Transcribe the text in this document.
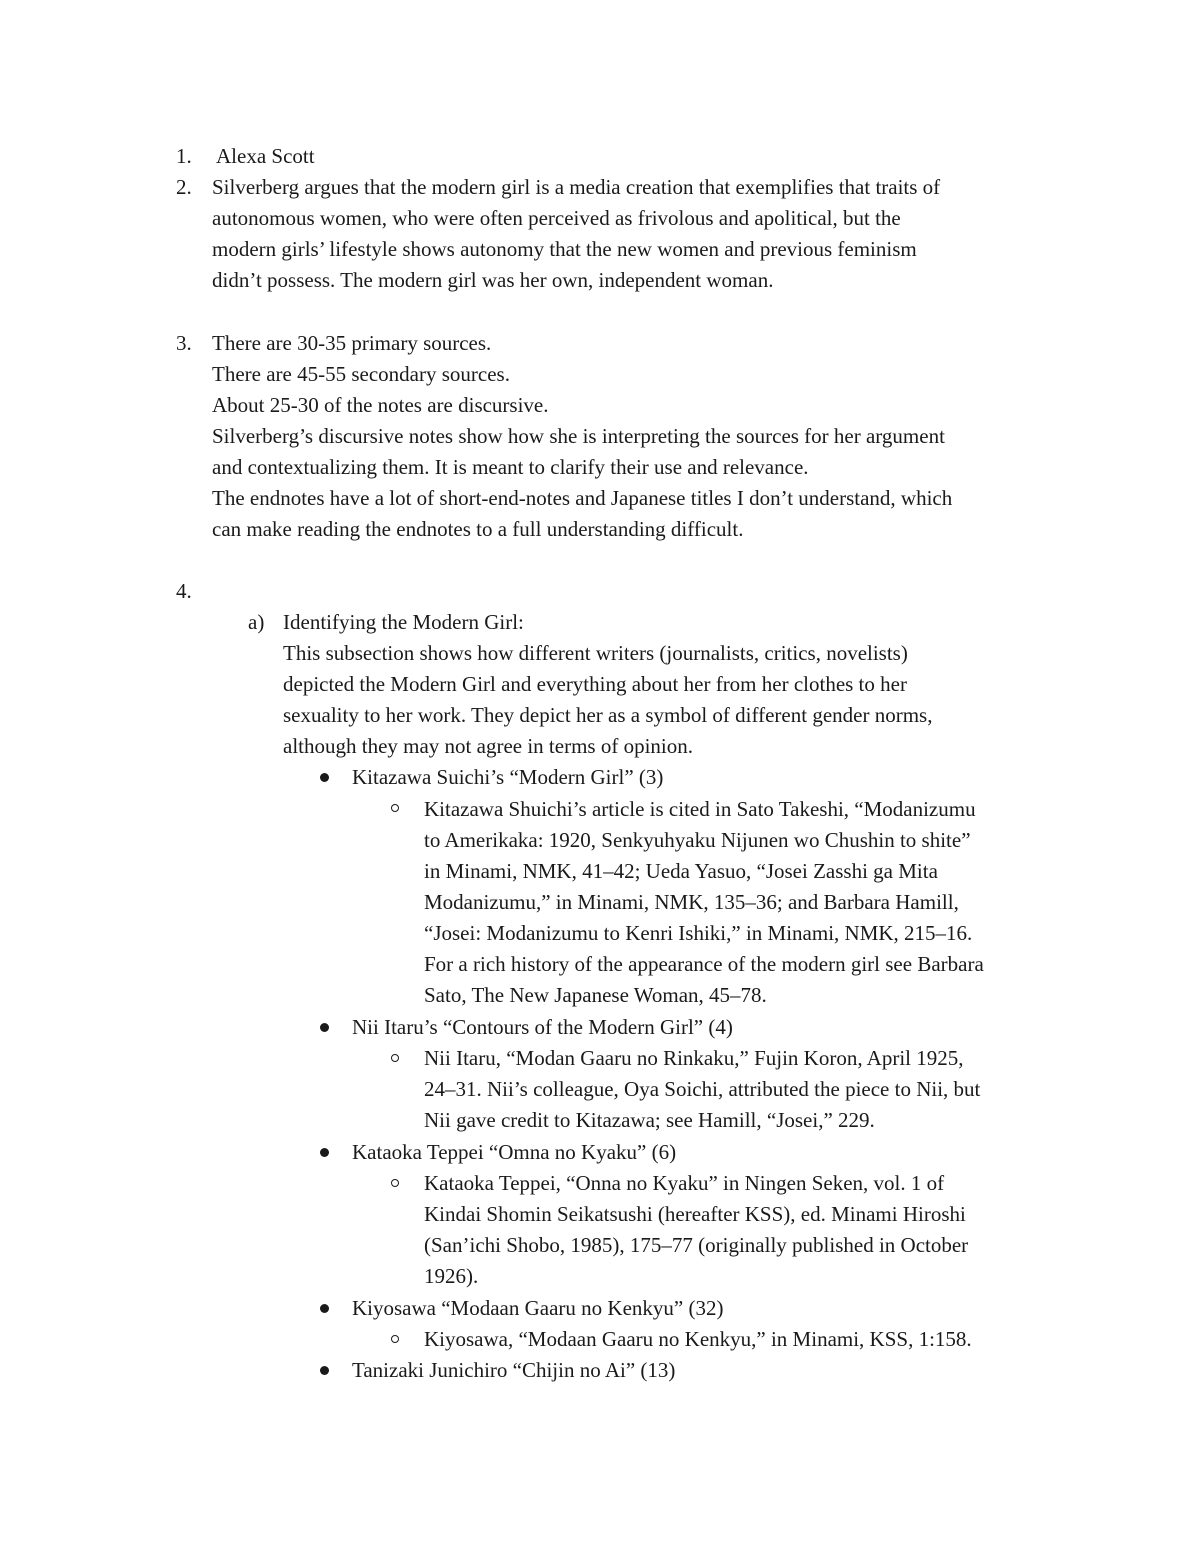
1. Alexa Scott
2. Silverberg argues that the modern girl is a media creation that exemplifies that traits of
autonomous women, who were often perceived as frivolous and apolitical, but the
modern girls’ lifestyle shows autonomy that the new women and previous feminism
didn’t possess. The modern girl was her own, independent woman.
3. There are 30-35 primary sources.
There are 45-55 secondary sources.
About 25-30 of the notes are discursive.
Silverberg’s discursive notes show how she is interpreting the sources for her argument
and contextualizing them. It is meant to clarify their use and relevance.
The endnotes have a lot of short-end-notes and Japanese titles I don’t understand, which
can make reading the endnotes to a full understanding difficult.
4.
a) Identifying the Modern Girl:
This subsection shows how different writers (journalists, critics, novelists)
depicted the Modern Girl and everything about her from her clothes to her
sexuality to her work. They depict her as a symbol of different gender norms,
although they may not agree in terms of opinion.
Kitazawa Suichi’s “Modern Girl” (3)
Kitazawa Shuichi’s article is cited in Sato Takeshi, “Modanizumu
to Amerikaka: 1920, Senkyuhyaku Nijunen wo Chushin to shite”
in Minami, NMK, 41–42; Ueda Yasuo, “Josei Zasshi ga Mita
Modanizumu,” in Minami, NMK, 135–36; and Barbara Hamill,
“Josei: Modanizumu to Kenri Ishiki,” in Minami, NMK, 215–16.
For a rich history of the appearance of the modern girl see Barbara
Sato, The New Japanese Woman, 45–78.
Nii Itaru’s “Contours of the Modern Girl” (4)
Nii Itaru, “Modan Gaaru no Rinkaku,” Fujin Koron, April 1925,
24–31. Nii’s colleague, Oya Soichi, attributed the piece to Nii, but
Nii gave credit to Kitazawa; see Hamill, “Josei,” 229.
Kataoka Teppei “Omna no Kyaku” (6)
Kataoka Teppei, “Onna no Kyaku” in Ningen Seken, vol. 1 of
Kindai Shomin Seikatsushi (hereafter KSS), ed. Minami Hiroshi
(San’ichi Shobo, 1985), 175–77 (originally published in October
1926).
Kiyosawa “Modaan Gaaru no Kenkyu” (32)
Kiyosawa, “Modaan Gaaru no Kenkyu,” in Minami, KSS, 1:158.
Tanizaki Junichiro “Chijin no Ai” (13)
